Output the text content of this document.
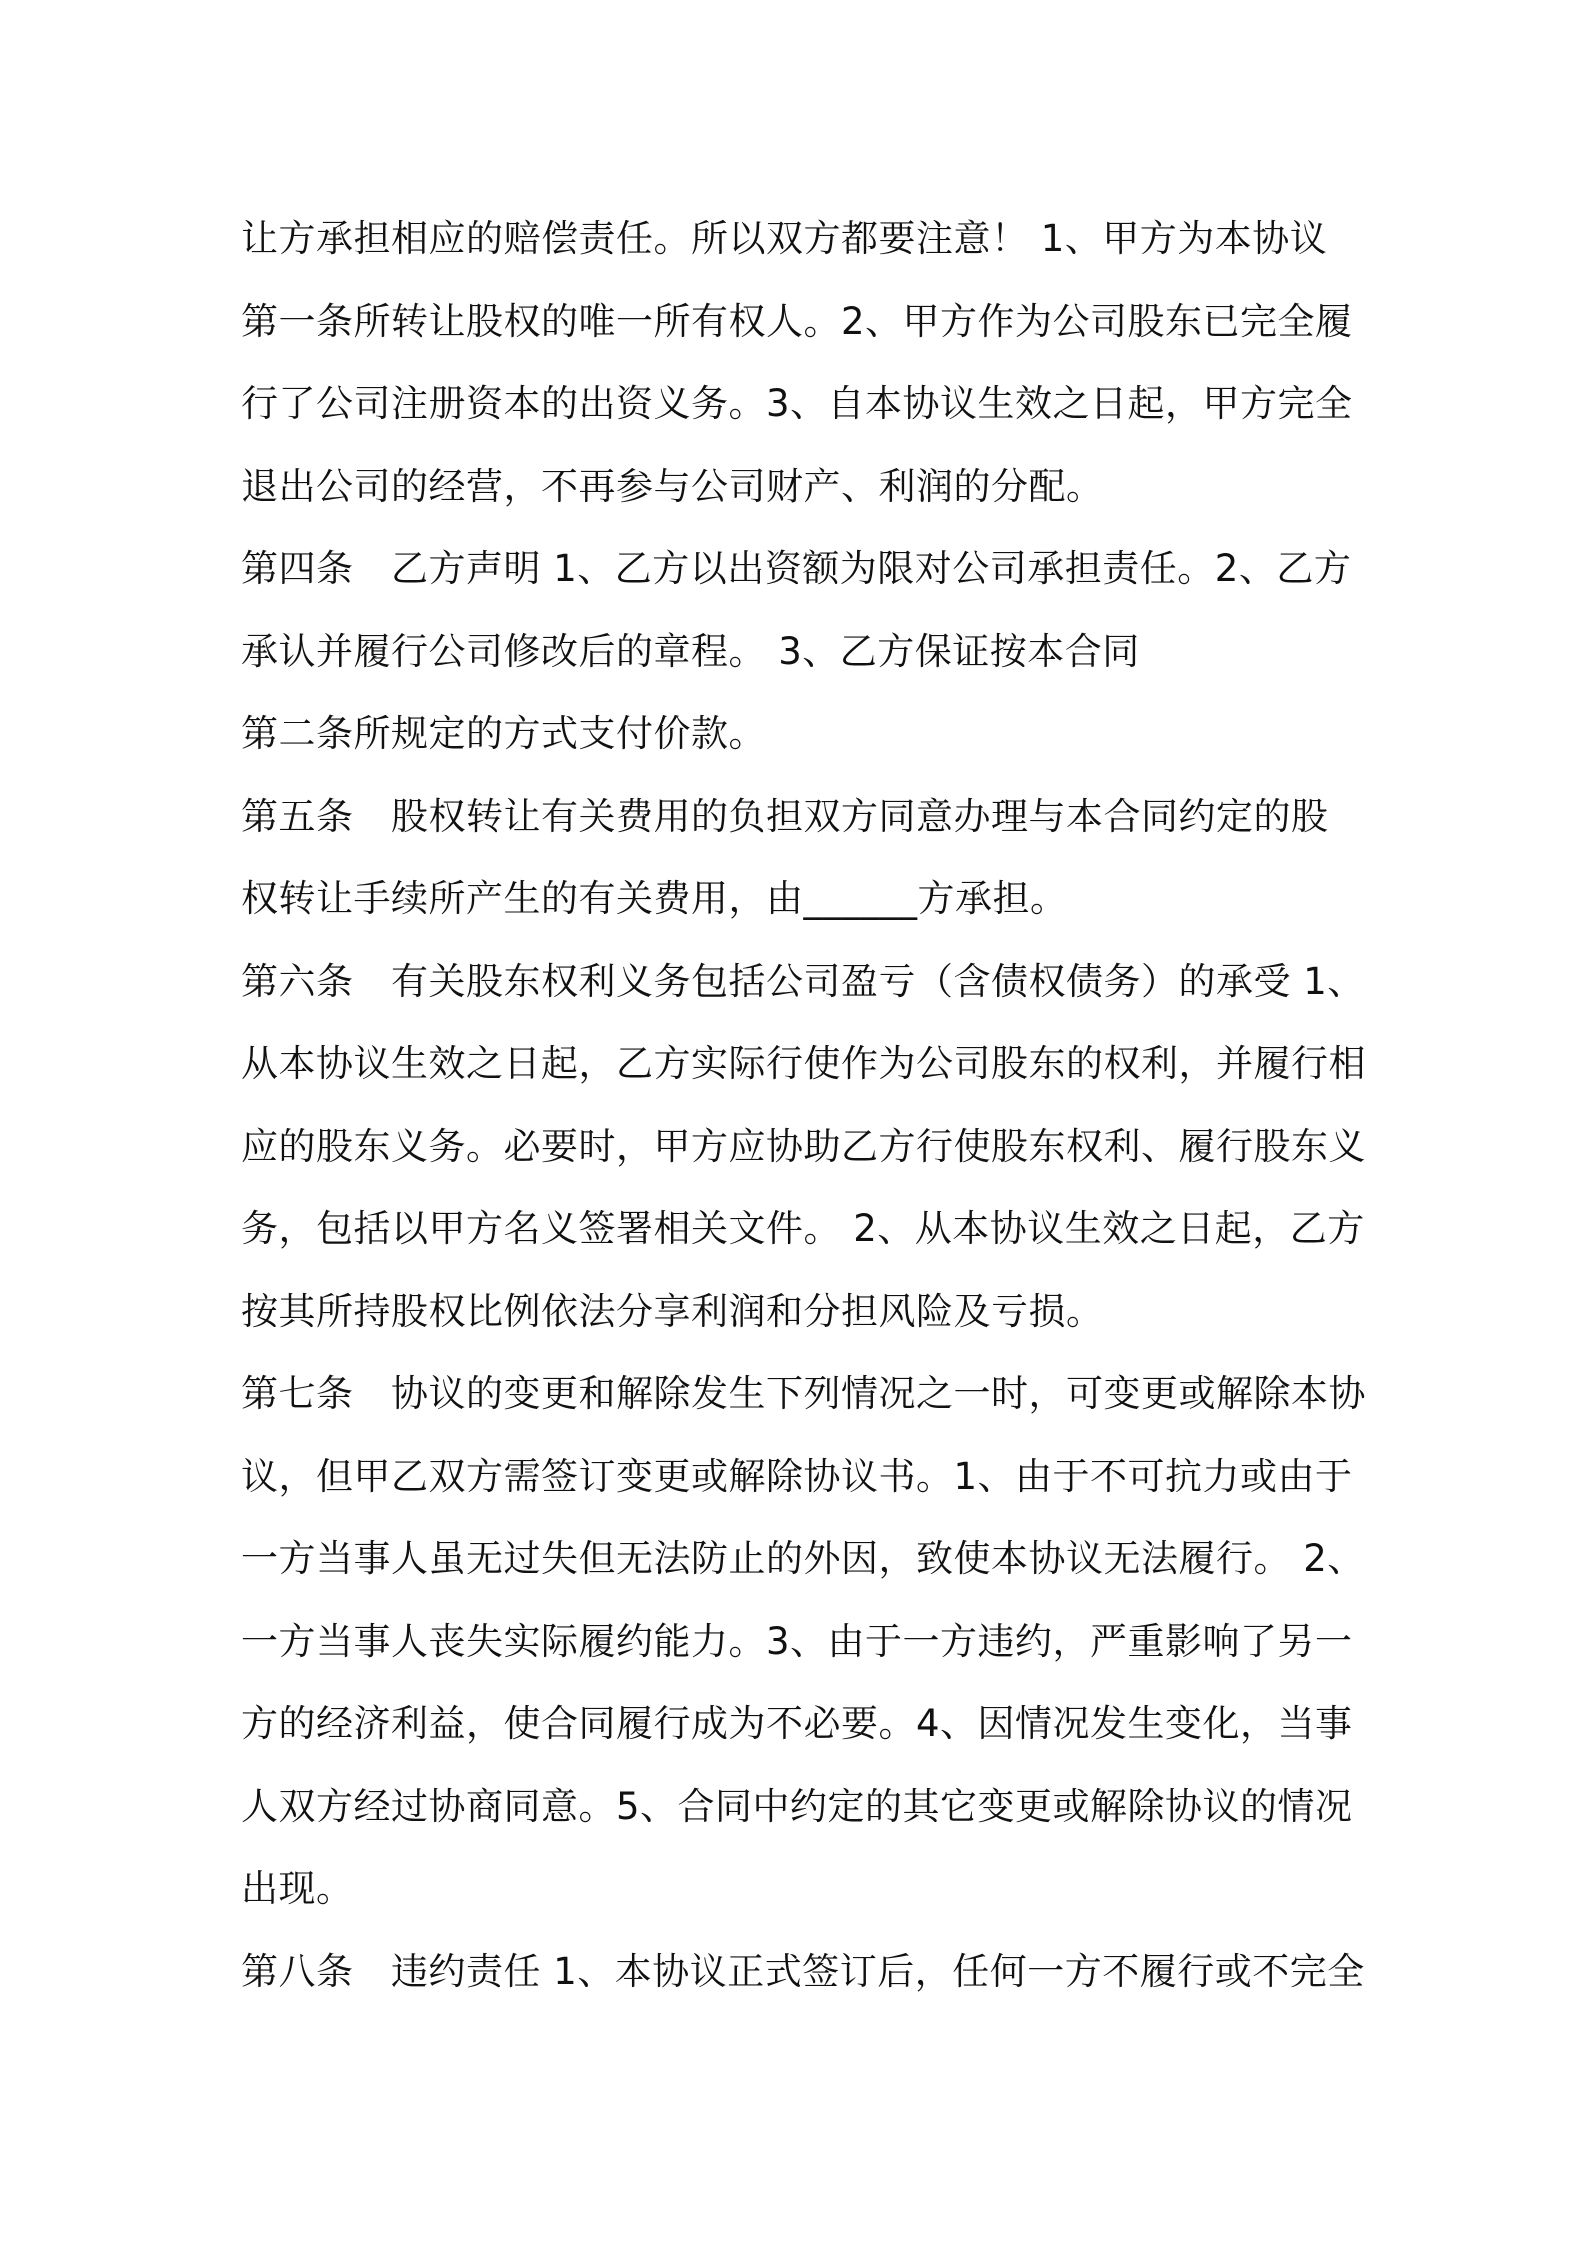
让方承担相应的赔偿责任。所以双方都要注意！ 1、甲方为本协议
第一条所转让股权的唯一所有权人。2、甲方作为公司股东已完全履
行了公司注册资本的出资义务。3、自本协议生效之日起，甲方完全
退出公司的经营，不再参与公司财产、利润的分配。
第四条　乙方声明 1、乙方以出资额为限对公司承担责任。2、乙方
承认并履行公司修改后的章程。 3、乙方保证按本合同
第二条所规定的方式支付价款。
第五条　股权转让有关费用的负担双方同意办理与本合同约定的股
权转让手续所产生的有关费用，由______方承担。
第六条　有关股东权利义务包括公司盈亏（含债权债务）的承受 1、
从本协议生效之日起，乙方实际行使作为公司股东的权利，并履行相
应的股东义务。必要时，甲方应协助乙方行使股东权利、履行股东义
务，包括以甲方名义签署相关文件。 2、从本协议生效之日起，乙方
按其所持股权比例依法分享利润和分担风险及亏损。
第七条　协议的变更和解除发生下列情况之一时，可变更或解除本协
议，但甲乙双方需签订变更或解除协议书。1、由于不可抗力或由于
一方当事人虽无过失但无法防止的外因，致使本协议无法履行。 2、
一方当事人丧失实际履约能力。3、由于一方违约，严重影响了另一
方的经济利益，使合同履行成为不必要。4、因情况发生变化，当事
人双方经过协商同意。5、合同中约定的其它变更或解除协议的情况
出现。
第八条　违约责任 1、本协议正式签订后，任何一方不履行或不完全
